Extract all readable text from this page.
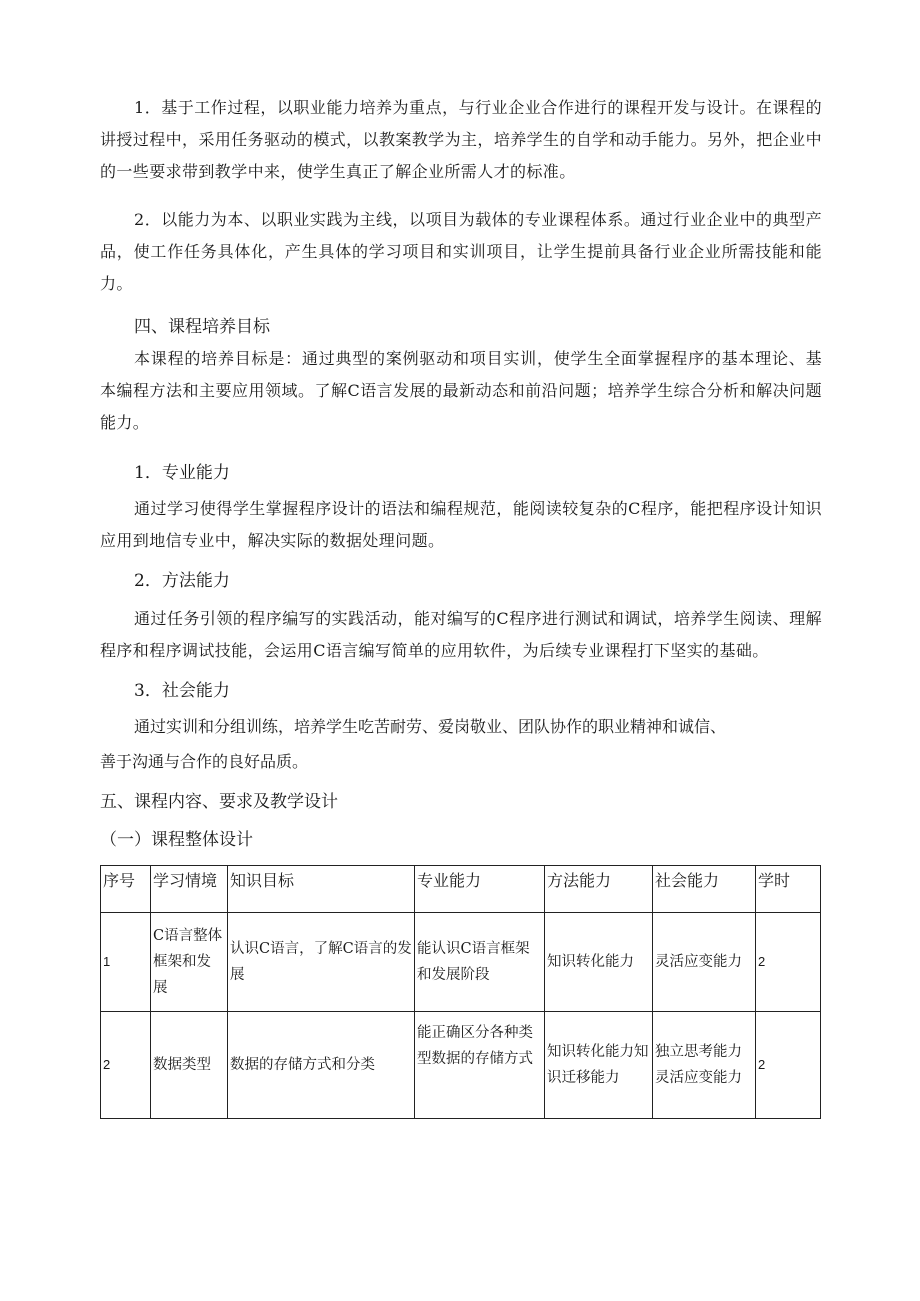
1．基于工作过程，以职业能力培养为重点，与行业企业合作进行的课程开发与设计。在课程的讲授过程中，采用任务驱动的模式，以教案教学为主，培养学生的自学和动手能力。另外，把企业中的一些要求带到教学中来，使学生真正了解企业所需人才的标准。

2．以能力为本、以职业实践为主线，以项目为载体的专业课程体系。通过行业企业中的典型产品，使工作任务具体化，产生具体的学习项目和实训项目，让学生提前具备行业企业所需技能和能力。

四、课程培养目标

本课程的培养目标是：通过典型的案例驱动和项目实训，使学生全面掌握程序的基本理论、基本编程方法和主要应用领域。了解C语言发展的最新动态和前沿问题；培养学生综合分析和解决问题能力。

1．专业能力

通过学习使得学生掌握程序设计的语法和编程规范，能阅读较复杂的C程序，能把程序设计知识应用到地信专业中，解决实际的数据处理问题。

2．方法能力

通过任务引领的程序编写的实践活动，能对编写的C程序进行测试和调试，培养学生阅读、理解程序和程序调试技能，会运用C语言编写简单的应用软件，为后续专业课程打下坚实的基础。

3．社会能力

通过实训和分组训练，培养学生吃苦耐劳、爱岗敬业、团队协作的职业精神和诚信、

善于沟通与合作的良好品质。

五、课程内容、要求及教学设计

（一）课程整体设计

序号	学习情境	知识目标	专业能力	方法能力	社会能力	学时
1	C语言整体框架和发展	认识C语言，了解C语言的发展	能认识C语言框架和发展阶段	知识转化能力	灵活应变能力	2
2	数据类型	数据的存储方式和分类	能正确区分各种类型数据的存储方式	知识转化能力知识迁移能力	独立思考能力灵活应变能力	2
